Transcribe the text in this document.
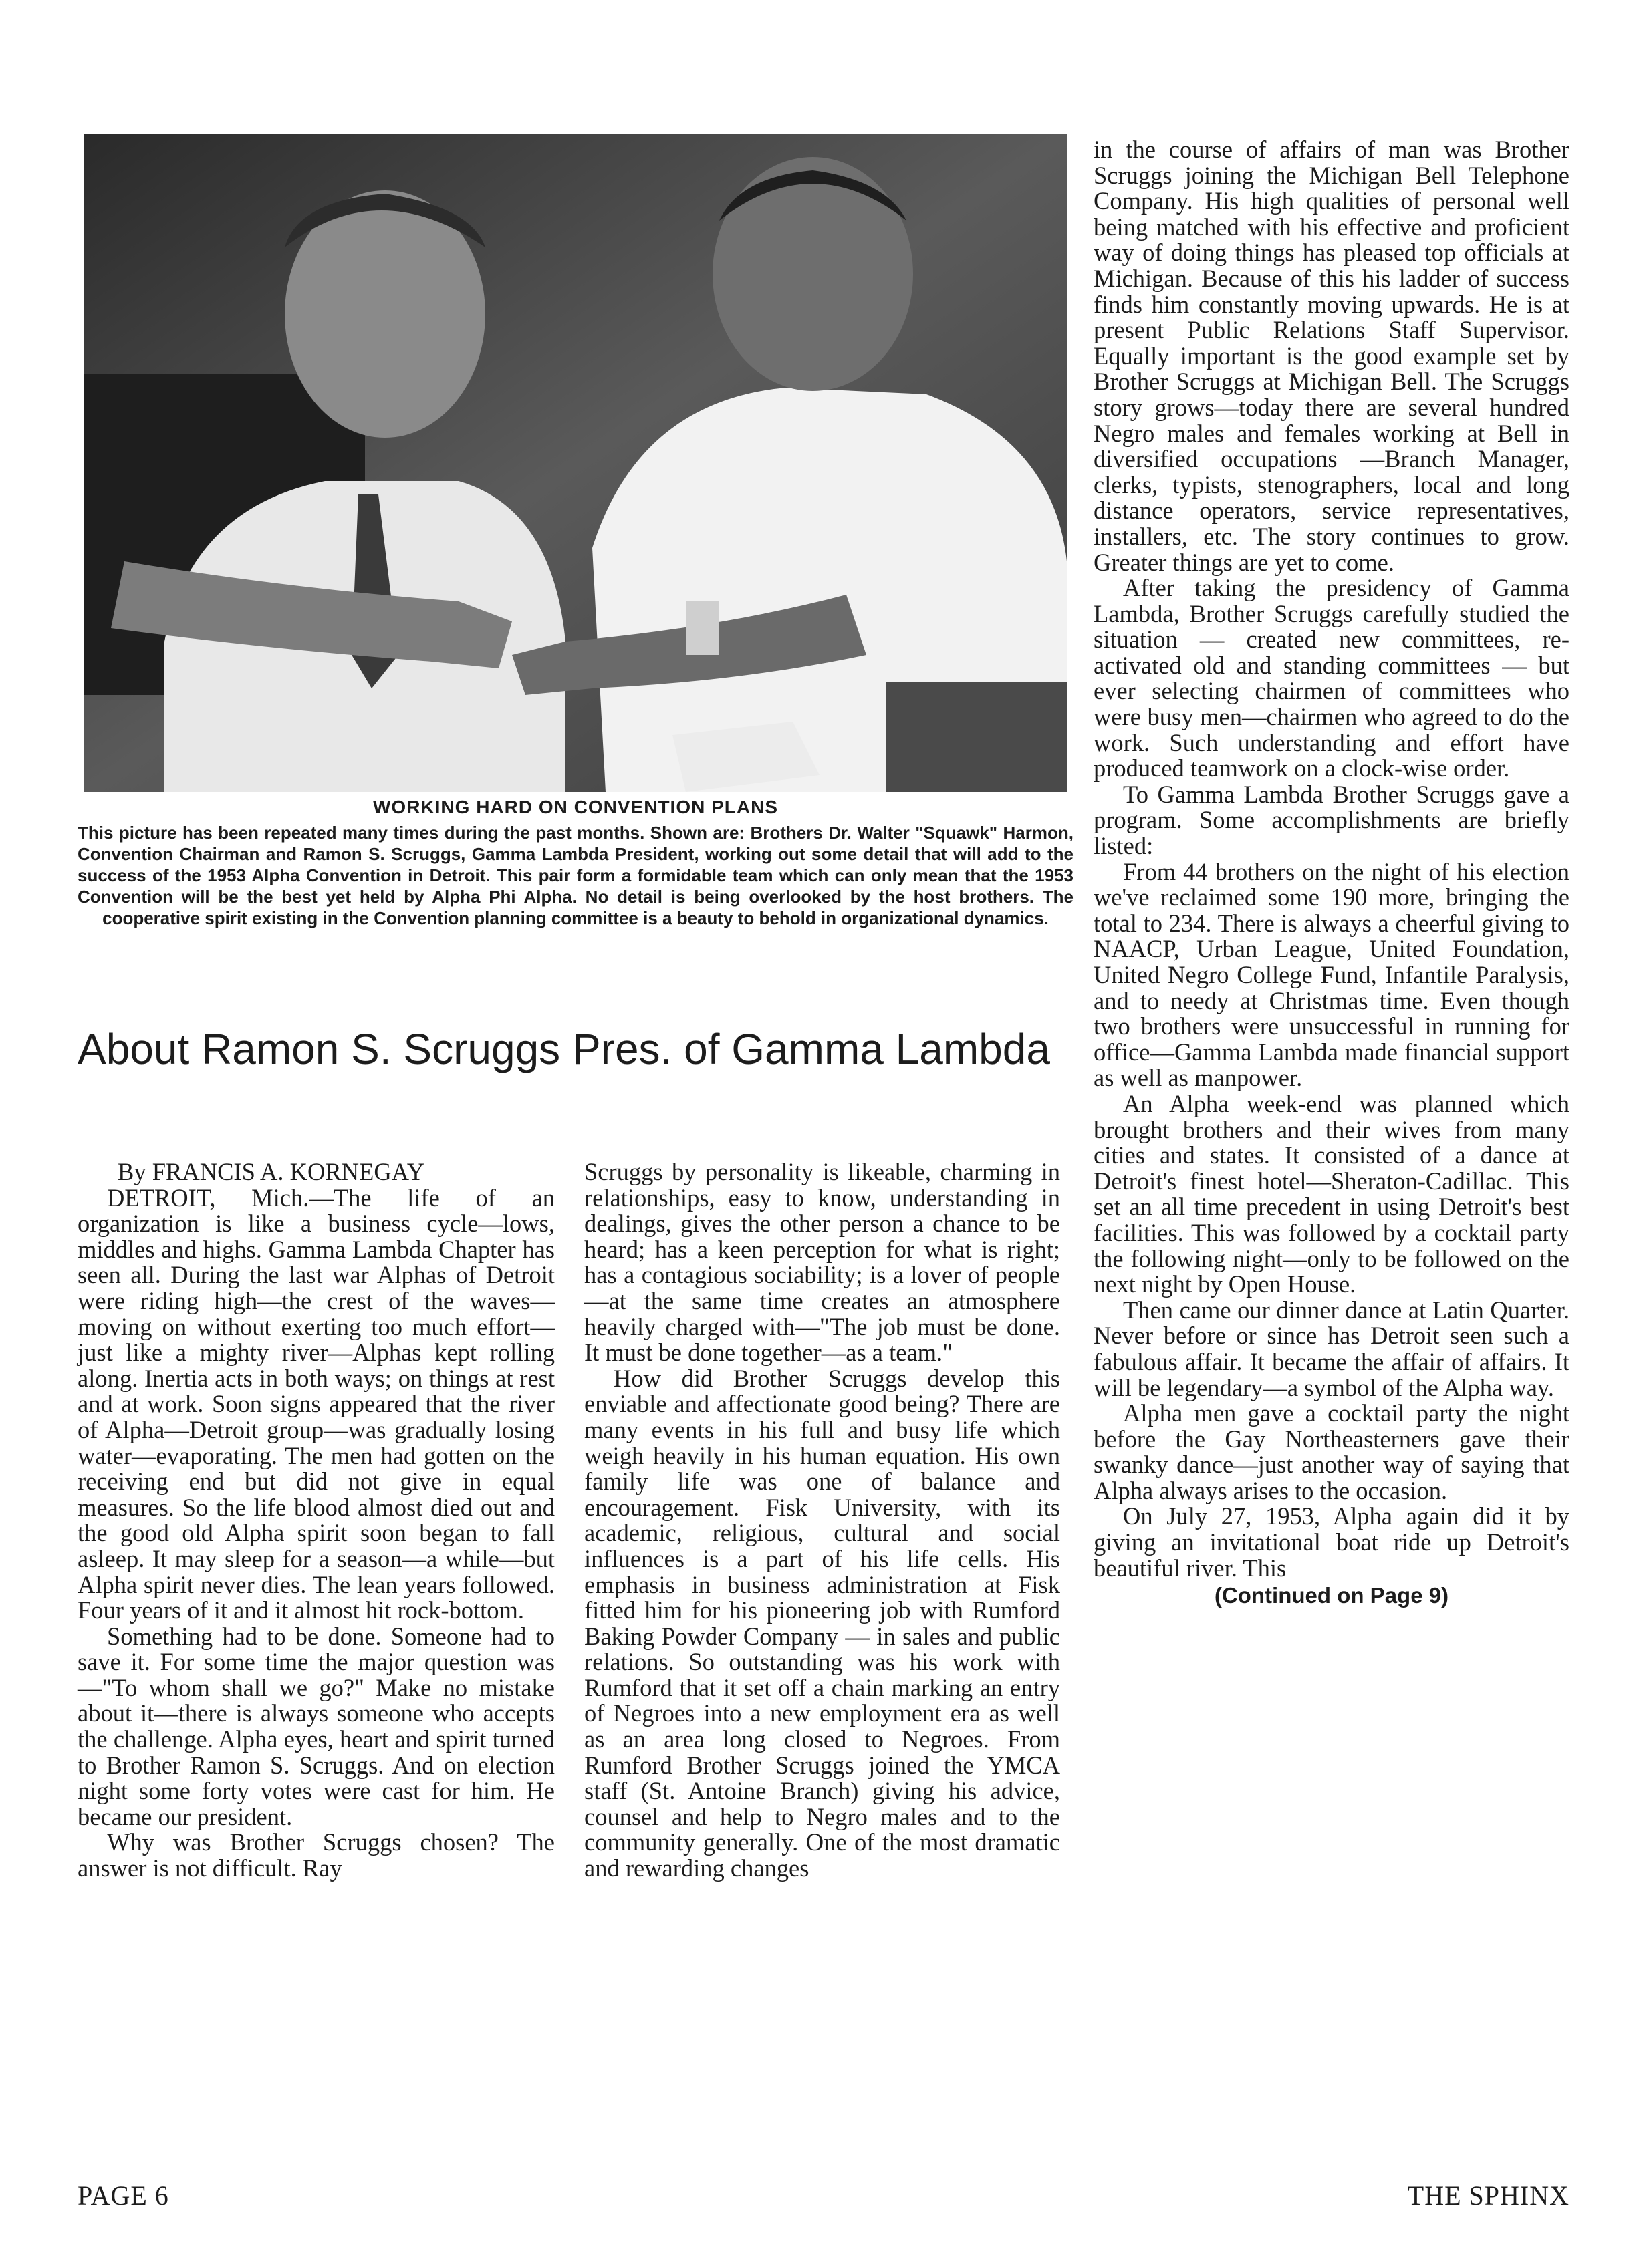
WORKING HARD ON CONVENTION PLANS
This picture has been repeated many times during the past months. Shown are: Brothers Dr. Walter "Squawk" Harmon, Convention Chairman and Ramon S. Scruggs, Gamma Lambda President, working out some detail that will add to the success of the 1953 Alpha Convention in Detroit. This pair form a formidable team which can only mean that the 1953 Convention will be the best yet held by Alpha Phi Alpha. No detail is being overlooked by the host brothers. The cooperative spirit existing in the Convention planning committee is a beauty to behold in organizational dynamics.
About Ramon S. Scruggs Pres. of Gamma Lambda

By FRANCIS A. KORNEGAY

DETROIT, Mich.—The life of an organization is like a business cycle—lows, middles and highs. Gamma Lambda Chapter has seen all. During the last war Alphas of Detroit were riding high—the crest of the waves—moving on without exerting too much effort—just like a mighty river—Alphas kept rolling along. Inertia acts in both ways; on things at rest and at work. Soon signs appeared that the river of Alpha—Detroit group—was gradually losing water—evaporating. The men had gotten on the receiving end but did not give in equal measures. So the life blood almost died out and the good old Alpha spirit soon began to fall asleep. It may sleep for a season—a while—but Alpha spirit never dies. The lean years followed. Four years of it and it almost hit rock-bottom.

Something had to be done. Someone had to save it. For some time the major question was—"To whom shall we go?" Make no mistake about it—there is always someone who accepts the challenge. Alpha eyes, heart and spirit turned to Brother Ramon S. Scruggs. And on election night some forty votes were cast for him. He became our president.

Why was Brother Scruggs chosen? The answer is not difficult. Ray

Scruggs by personality is likeable, charming in relationships, easy to know, understanding in dealings, gives the other person a chance to be heard; has a keen perception for what is right; has a contagious sociability; is a lover of people—at the same time creates an atmosphere heavily charged with—"The job must be done. It must be done together—as a team."

How did Brother Scruggs develop this enviable and affectionate good being? There are many events in his full and busy life which weigh heavily in his human equation. His own family life was one of balance and encouragement. Fisk University, with its academic, religious, cultural and social influences is a part of his life cells. His emphasis in business administration at Fisk fitted him for his pioneering job with Rumford Baking Powder Company — in sales and public relations. So outstanding was his work with Rumford that it set off a chain marking an entry of Negroes into a new employment era as well as an area long closed to Negroes. From Rumford Brother Scruggs joined the YMCA staff (St. Antoine Branch) giving his advice, counsel and help to Negro males and to the community generally. One of the most dramatic and rewarding changes

in the course of affairs of man was Brother Scruggs joining the Michigan Bell Telephone Company. His high qualities of personal well being matched with his effective and proficient way of doing things has pleased top officials at Michigan. Because of this his ladder of success finds him constantly moving upwards. He is at present Public Relations Staff Supervisor. Equally important is the good example set by Brother Scruggs at Michigan Bell. The Scruggs story grows—today there are several hundred Negro males and females working at Bell in diversified occupations —Branch Manager, clerks, typists, stenographers, local and long distance operators, service representatives, installers, etc. The story continues to grow. Greater things are yet to come.

After taking the presidency of Gamma Lambda, Brother Scruggs carefully studied the situation — created new committees, re-activated old and standing committees — but ever selecting chairmen of committees who were busy men—chairmen who agreed to do the work. Such understanding and effort have produced teamwork on a clock-wise order.

To Gamma Lambda Brother Scruggs gave a program. Some accomplishments are briefly listed:

From 44 brothers on the night of his election we've reclaimed some 190 more, bringing the total to 234. There is always a cheerful giving to NAACP, Urban League, United Foundation, United Negro College Fund, Infantile Paralysis, and to needy at Christmas time. Even though two brothers were unsuccessful in running for office—Gamma Lambda made financial support as well as manpower.

An Alpha week-end was planned which brought brothers and their wives from many cities and states. It consisted of a dance at Detroit's finest hotel—Sheraton-Cadillac. This set an all time precedent in using Detroit's best facilities. This was followed by a cocktail party the following night—only to be followed on the next night by Open House.

Then came our dinner dance at Latin Quarter. Never before or since has Detroit seen such a fabulous affair. It became the affair of affairs. It will be legendary—a symbol of the Alpha way.

Alpha men gave a cocktail party the night before the Gay Northeasterners gave their swanky dance—just another way of saying that Alpha always arises to the occasion.

On July 27, 1953, Alpha again did it by giving an invitational boat ride up Detroit's beautiful river. This

(Continued on Page 9)
PAGE 6	THE SPHINX
